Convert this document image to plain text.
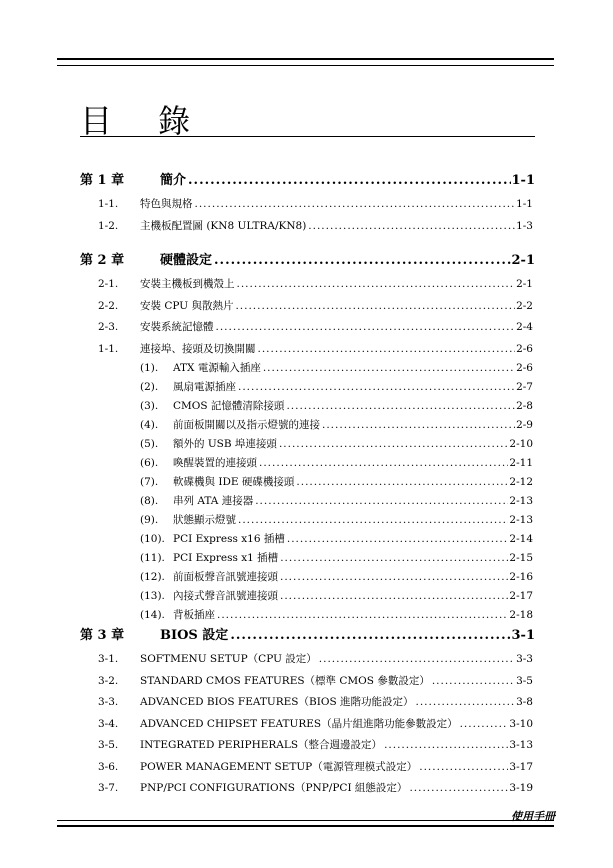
目 錄
第 1 章	簡介 .....	1-1
1-1. 特色與規格 .....	1-1
1-2. 主機板配置圖 (KN8 ULTRA/KN8) .....	1-3
第 2 章	硬體設定 .....	2-1
2-1. 安裝主機板到機殼上 .....	2-1
2-2. 安裝 CPU 與散熱片 .....	2-2
2-3. 安裝系統記憶體 .....	2-4
1-1. 連接埠、接頭及切換開關 .....	2-6
(1). ATX 電源輸入插座 .....	2-6
(2). 風扇電源插座 .....	2-7
(3). CMOS 記憶體清除接頭 .....	2-8
(4). 前面板開關以及指示燈號的連接 .....	2-9
(5). 額外的 USB 埠連接頭 .....	2-10
(6). 喚醒裝置的連接頭 .....	2-11
(7). 軟碟機與 IDE 硬碟機接頭 .....	2-12
(8). 串列 ATA 連接器 .....	2-13
(9). 狀態顯示燈號 .....	2-13
(10). PCI Express x16 插槽 .....	2-14
(11). PCI Express x1 插槽 .....	2-15
(12). 前面板聲音訊號連接頭 .....	2-16
(13). 內接式聲音訊號連接頭 .....	2-17
(14). 背板插座 .....	2-18
第 3 章	BIOS 設定 .....	3-1
3-1. SOFTMENU SETUP（CPU 設定） .....	3-3
3-2. STANDARD CMOS FEATURES（標準 CMOS 參數設定） .....	3-5
3-3. ADVANCED BIOS FEATURES（BIOS 進階功能設定） .....	3-8
3-4. ADVANCED CHIPSET FEATURES（晶片組進階功能參數設定） .....	3-10
3-5. INTEGRATED PERIPHERALS（整合週邊設定） .....	3-13
3-6. POWER MANAGEMENT SETUP（電源管理模式設定） .....	3-17
3-7. PNP/PCI CONFIGURATIONS（PNP/PCI 組態設定） .....	3-19
使用手冊
